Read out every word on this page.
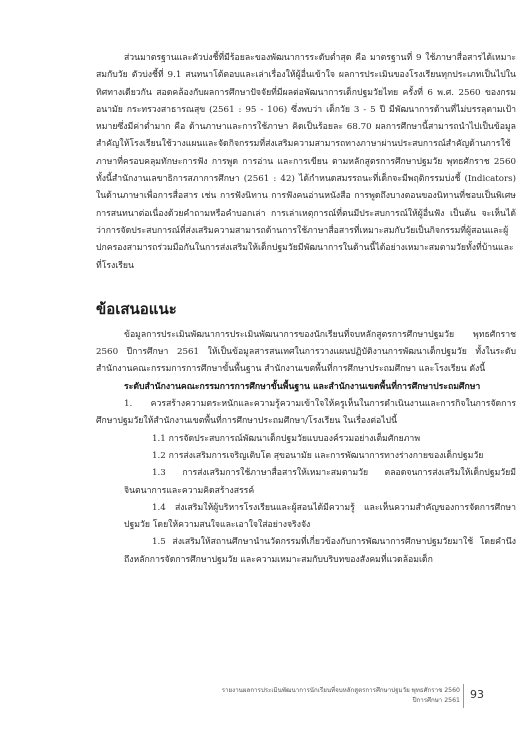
ส่วนมาตรฐานและตัวบ่งชี้ที่มีร้อยละของพัฒนาการระดับต่ำสุด คือ มาตรฐานที่ 9 ใช้ภาษาสื่อสารได้เหมาะสมกับวัย ตัวบ่งชี้ที่ 9.1 สนทนาโต้ตอบและเล่าเรื่องให้ผู้อื่นเข้าใจ ผลการประเมินของโรงเรียนทุกประเภทเป็นไปในทิศทางเดียวกัน สอดคล้องกับผลการศึกษาปัจจัยที่มีผลต่อพัฒนาการเด็กปฐมวัยไทย ครั้งที่ 6 พ.ศ. 2560 ของกรมอนามัย กระทรวงสาธารณสุข (2561 : 95 - 106) ซึ่งพบว่า เด็กวัย 3 - 5 ปี มีพัฒนาการด้านที่ไม่บรรลุตามเป้าหมายซึ่งมีค่าต่ำมาก คือ ด้านภาษาและการใช้ภาษา คิดเป็นร้อยละ 68.70 ผลการศึกษานี้สามารถนำไปเป็นข้อมูลสำคัญให้โรงเรียนใช้วางแผนและจัดกิจกรรมที่ส่งเสริมความสามารถทางภาษาผ่านประสบการณ์สำคัญด้านการใช้ภาษาที่ครอบคลุมทักษะการฟัง การพูด การอ่าน และการเขียน ตามหลักสูตรการศึกษาปฐมวัย พุทธศักราช 2560 ทั้งนี้สำนักงานเลขาธิการสภาการศึกษา (2561 : 42) ได้กำหนดสมรรถนะที่เด็กจะมีพฤติกรรมบ่งชี้ (Indicators) ในด้านภาษาเพื่อการสื่อสาร เช่น การฟังนิทาน การฟังคนอ่านหนังสือ การพูดถึงบางตอนของนิทานที่ชอบเป็นพิเศษ การสนทนาต่อเนื่องด้วยคำถามหรือคำบอกเล่า การเล่าเหตุการณ์ที่ตนมีประสบการณ์ให้ผู้อื่นฟัง เป็นต้น จะเห็นได้ว่าการจัดประสบการณ์ที่ส่งเสริมความสามารถด้านการใช้ภาษาสื่อสารที่เหมาะสมกับวัยเป็นกิจกรรมที่ผู้สอนและผู้ปกครองสามารถร่วมมือกันในการส่งเสริมให้เด็กปฐมวัยมีพัฒนาการในด้านนี้ได้อย่างเหมาะสมตามวัยทั้งที่บ้านและที่โรงเรียน

ข้อเสนอแนะ

ข้อมูลการประเมินพัฒนาการประเมินพัฒนาการของนักเรียนที่จบหลักสูตรการศึกษาปฐมวัย พุทธศักราช 2560 ปีการศึกษา 2561 ให้เป็นข้อมูลสารสนเทศในการวางแผนปฏิบัติงานการพัฒนาเด็กปฐมวัย ทั้งในระดับสำนักงานคณะกรรมการการศึกษาขั้นพื้นฐาน สำนักงานเขตพื้นที่การศึกษาประถมศึกษา และโรงเรียน ดังนี้

ระดับสำนักงานคณะกรรมการการศึกษาขั้นพื้นฐาน และสำนักงานเขตพื้นที่การศึกษาประถมศึกษา

1. ควรสร้างความตระหนักและความรู้ความเข้าใจให้ครูเห็นในการดำเนินงานและการกิจในการจัดการศึกษาปฐมวัยให้สำนักงานเขตพื้นที่การศึกษาประถมศึกษา/โรงเรียน ในเรื่องต่อไปนี้

1.1 การจัดประสบการณ์พัฒนาเด็กปฐมวัยแบบองค์รวมอย่างเต็มศักยภาพ

1.2 การส่งเสริมการเจริญเติบโต สุขอนามัย และการพัฒนาการทางร่างกายของเด็กปฐมวัย

1.3 การส่งเสริมการใช้ภาษาสื่อสารให้เหมาะสมตามวัย ตลอดจนการส่งเสริมให้เด็กปฐมวัยมีจินตนาการและความคิดสร้างสรรค์

1.4 ส่งเสริมให้ผู้บริหารโรงเรียนและผู้สอนได้มีความรู้ และเห็นความสำคัญของการจัดการศึกษาปฐมวัย โดยให้ความสนใจและเอาใจใส่อย่างจริงจัง

1.5 ส่งเสริมให้สถานศึกษานำนวัตกรรมที่เกี่ยวข้องกับการพัฒนาการศึกษาปฐมวัยมาใช้ โดยคำนึงถึงหลักการจัดการศึกษาปฐมวัย และความเหมาะสมกับบริบทของสังคมที่แวดล้อมเด็ก

รายงานผลการประเมินพัฒนาการนักเรียนที่จบหลักสูตรการศึกษาปฐมวัย พุทธศักราช 2560
ปีการศึกษา 2561 93
